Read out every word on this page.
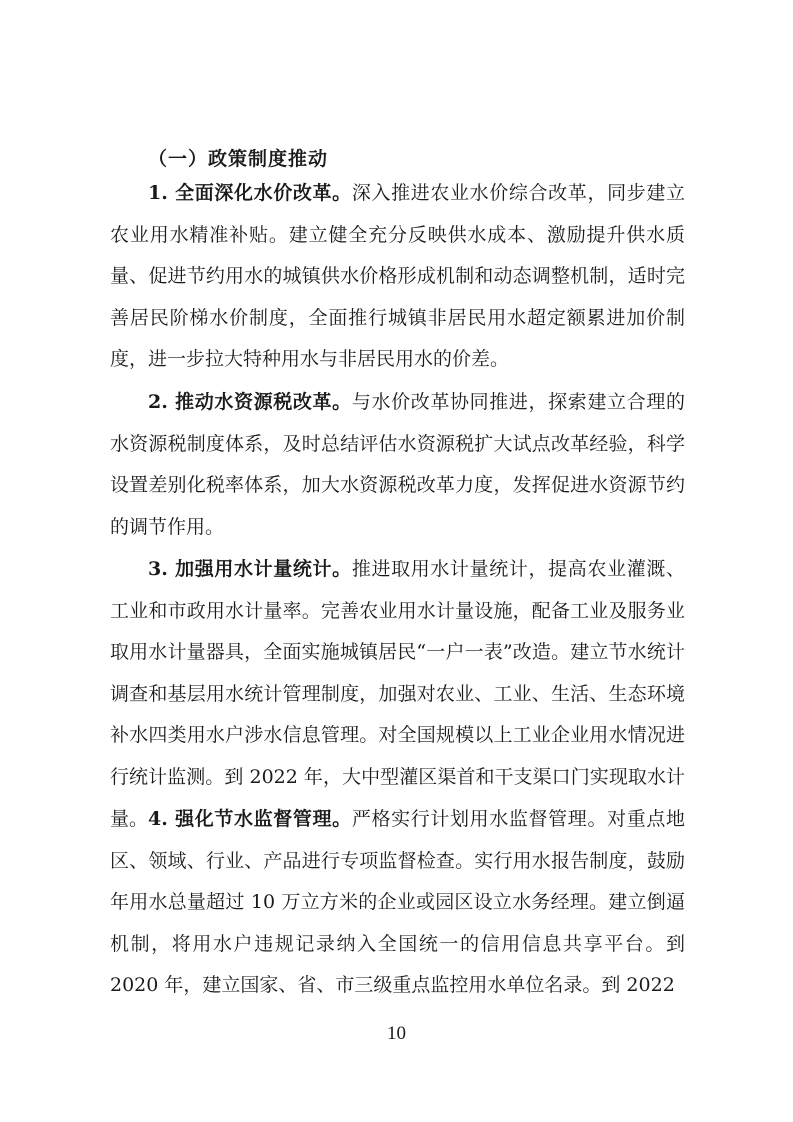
（一）政策制度推动

1. 全面深化水价改革。深入推进农业水价综合改革，同步建立农业用水精准补贴。建立健全充分反映供水成本、激励提升供水质量、促进节约用水的城镇供水价格形成机制和动态调整机制，适时完善居民阶梯水价制度，全面推行城镇非居民用水超定额累进加价制度，进一步拉大特种用水与非居民用水的价差。

2. 推动水资源税改革。与水价改革协同推进，探索建立合理的水资源税制度体系，及时总结评估水资源税扩大试点改革经验，科学设置差别化税率体系，加大水资源税改革力度，发挥促进水资源节约的调节作用。

3. 加强用水计量统计。推进取用水计量统计，提高农业灌溉、工业和市政用水计量率。完善农业用水计量设施，配备工业及服务业取用水计量器具，全面实施城镇居民“一户一表”改造。建立节水统计调查和基层用水统计管理制度，加强对农业、工业、生活、生态环境补水四类用水户涉水信息管理。对全国规模以上工业企业用水情况进行统计监测。到 2022 年，大中型灌区渠首和干支渠口门实现取水计量。 4. 强化节水监督管理。严格实行计划用水监督管理。对重点地区、领域、行业、产品进行专项监督检查。实行用水报告制度，鼓励年用水总量超过 10 万立方米的企业或园区设立水务经理。建立倒逼机制，将用水户违规记录纳入全国统一的信用信息共享平台。到 2020 年，建立国家、省、市三级重点监控用水单位名录。到 2022

10
